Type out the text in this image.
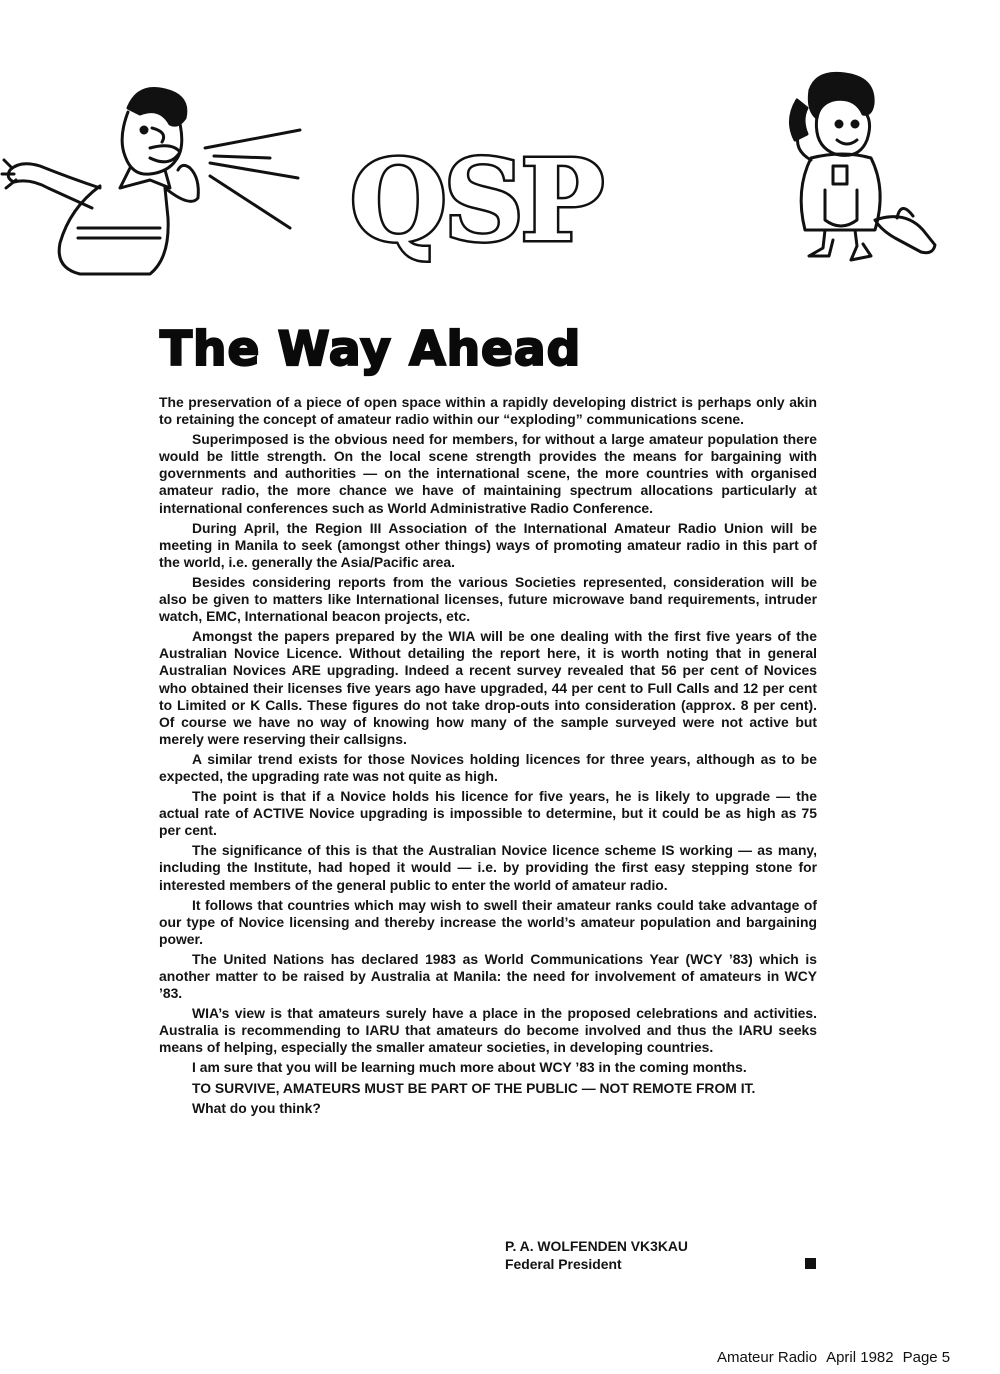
QSP
The Way Ahead

The preservation of a piece of open space within a rapidly developing district is perhaps only akin to retaining the concept of amateur radio within our “exploding” communications scene.

Superimposed is the obvious need for members, for without a large amateur population there would be little strength. On the local scene strength provides the means for bargaining with governments and authorities — on the international scene, the more countries with organised amateur radio, the more chance we have of maintaining spectrum allocations particularly at international conferences such as World Administrative Radio Conference.

During April, the Region III Association of the International Amateur Radio Union will be meeting in Manila to seek (amongst other things) ways of promoting amateur radio in this part of the world, i.e. generally the Asia/Pacific area.

Besides considering reports from the various Societies represented, consideration will be also be given to matters like International licenses, future microwave band requirements, intruder watch, EMC, International beacon projects, etc.

Amongst the papers prepared by the WIA will be one dealing with the first five years of the Australian Novice Licence. Without detailing the report here, it is worth noting that in general Australian Novices ARE upgrading. Indeed a recent survey revealed that 56 per cent of Novices who obtained their licenses five years ago have upgraded, 44 per cent to Full Calls and 12 per cent to Limited or K Calls. These figures do not take drop-outs into consideration (approx. 8 per cent). Of course we have no way of knowing how many of the sample surveyed were not active but merely were reserving their callsigns.

A similar trend exists for those Novices holding licences for three years, although as to be expected, the upgrading rate was not quite as high.

The point is that if a Novice holds his licence for five years, he is likely to upgrade — the actual rate of ACTIVE Novice upgrading is impossible to determine, but it could be as high as 75 per cent.

The significance of this is that the Australian Novice licence scheme IS working — as many, including the Institute, had hoped it would — i.e. by providing the first easy stepping stone for interested members of the general public to enter the world of amateur radio.

It follows that countries which may wish to swell their amateur ranks could take advantage of our type of Novice licensing and thereby increase the world’s amateur population and bargaining power.

The United Nations has declared 1983 as World Communications Year (WCY ’83) which is another matter to be raised by Australia at Manila: the need for involvement of amateurs in WCY ’83.

WIA’s view is that amateurs surely have a place in the proposed celebrations and activities. Australia is recommending to IARU that amateurs do become involved and thus the IARU seeks means of helping, especially the smaller amateur societies, in developing countries.

I am sure that you will be learning much more about WCY ’83 in the coming months.

TO SURVIVE, AMATEURS MUST BE PART OF THE PUBLIC — NOT REMOTE FROM IT.

What do you think?

P. A. WOLFENDEN VK3KAU
Federal President
Amateur Radio April 1982 Page 5
